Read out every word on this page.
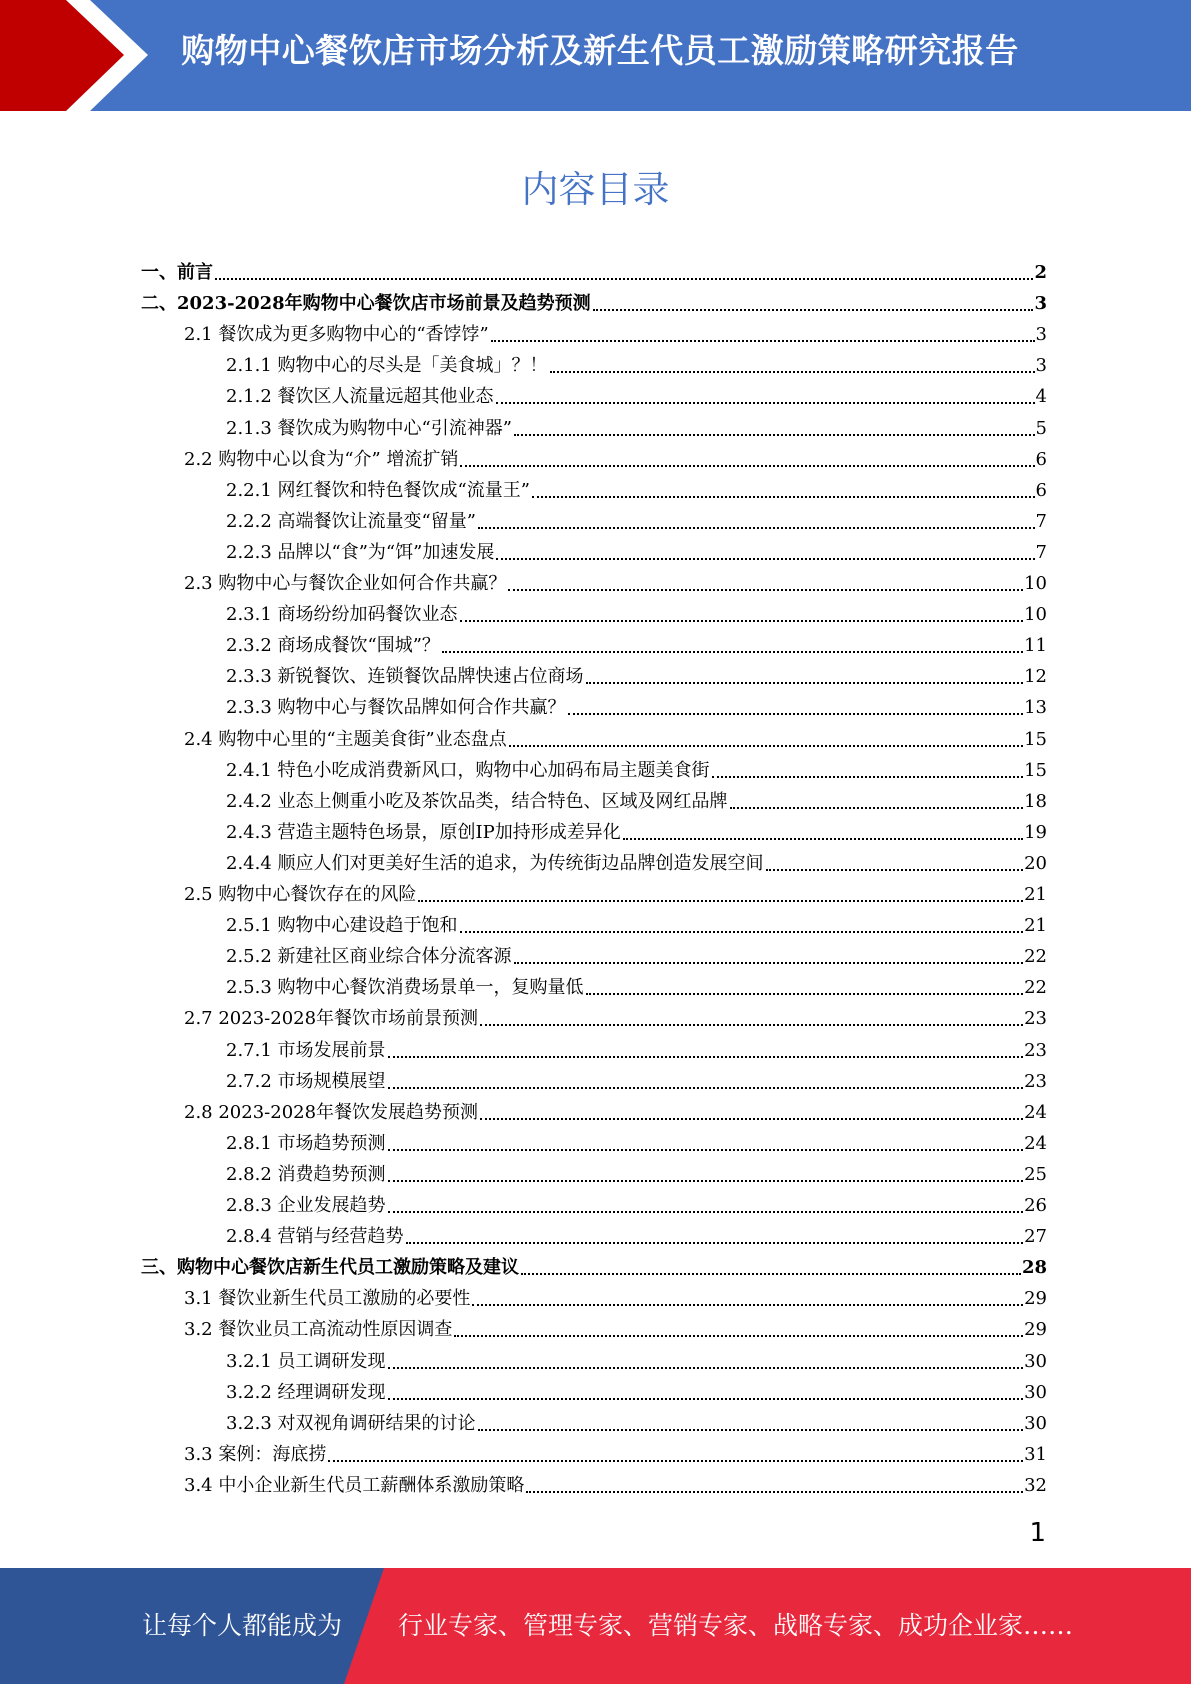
购物中心餐饮店市场分析及新生代员工激励策略研究报告
内容目录
一、前言	2
二、2023-2028年购物中心餐饮店市场前景及趋势预测	3
2.1 餐饮成为更多购物中心的“香饽饽”	3
2.1.1 购物中心的尽头是「美食城」？！	3
2.1.2 餐饮区人流量远超其他业态	4
2.1.3 餐饮成为购物中心“引流神器”	5
2.2 购物中心以食为“介” 增流扩销	6
2.2.1 网红餐饮和特色餐饮成“流量王”	6
2.2.2 高端餐饮让流量变“留量”	7
2.2.3 品牌以“食”为“饵”加速发展	7
2.3 购物中心与餐饮企业如何合作共赢？	10
2.3.1 商场纷纷加码餐饮业态	10
2.3.2 商场成餐饮“围城”？	11
2.3.3 新锐餐饮、连锁餐饮品牌快速占位商场	12
2.3.3 购物中心与餐饮品牌如何合作共赢？	13
2.4 购物中心里的“主题美食街”业态盘点	15
2.4.1 特色小吃成消费新风口，购物中心加码布局主题美食街	15
2.4.2 业态上侧重小吃及茶饮品类，结合特色、区域及网红品牌	18
2.4.3 营造主题特色场景，原创IP加持形成差异化	19
2.4.4 顺应人们对更美好生活的追求，为传统街边品牌创造发展空间	20
2.5 购物中心餐饮存在的风险	21
2.5.1 购物中心建设趋于饱和	21
2.5.2 新建社区商业综合体分流客源	22
2.5.3 购物中心餐饮消费场景单一，复购量低	22
2.7 2023-2028年餐饮市场前景预测	23
2.7.1 市场发展前景	23
2.7.2 市场规模展望	23
2.8 2023-2028年餐饮发展趋势预测	24
2.8.1 市场趋势预测	24
2.8.2 消费趋势预测	25
2.8.3 企业发展趋势	26
2.8.4 营销与经营趋势	27
三、购物中心餐饮店新生代员工激励策略及建议	28
3.1 餐饮业新生代员工激励的必要性	29
3.2 餐饮业员工高流动性原因调查	29
3.2.1 员工调研发现	30
3.2.2 经理调研发现	30
3.2.3 对双视角调研结果的讨论	30
3.3 案例：海底捞	31
3.4 中小企业新生代员工薪酬体系激励策略	32
1
让每个人都能成为 行业专家、管理专家、营销专家、战略专家、成功企业家……
